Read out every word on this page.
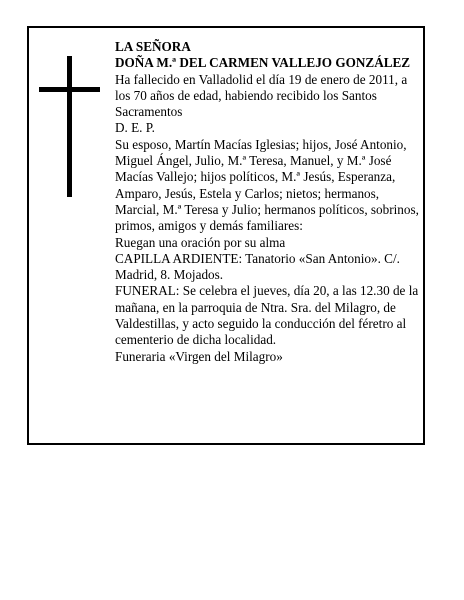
LA SEÑORA

DOÑA M.ª DEL CARMEN VALLEJO GONZÁLEZ

Ha fallecido en Valladolid el día 19 de enero de 2011, a los 70 años de edad, habiendo recibido los Santos Sacramentos

D. E. P.

Su esposo, Martín Macías Iglesias; hijos, José Antonio, Miguel Ángel, Julio, M.ª Teresa, Manuel, y M.ª José Macías Vallejo; hijos políticos, M.ª Jesús, Esperanza, Amparo, Jesús, Estela y Carlos; nietos; hermanos, Marcial, M.ª Teresa y Julio; hermanos políticos, sobrinos, primos, amigos y demás familiares:

Ruegan una oración por su alma

CAPILLA ARDIENTE: Tanatorio «San Antonio». C/. Madrid, 8. Mojados.

FUNERAL: Se celebra el jueves, día 20, a las 12.30 de la mañana, en la parroquia de Ntra. Sra. del Milagro, de Valdestillas, y acto seguido la conducción del féretro al cementerio de dicha localidad.

Funeraria «Virgen del Milagro»
